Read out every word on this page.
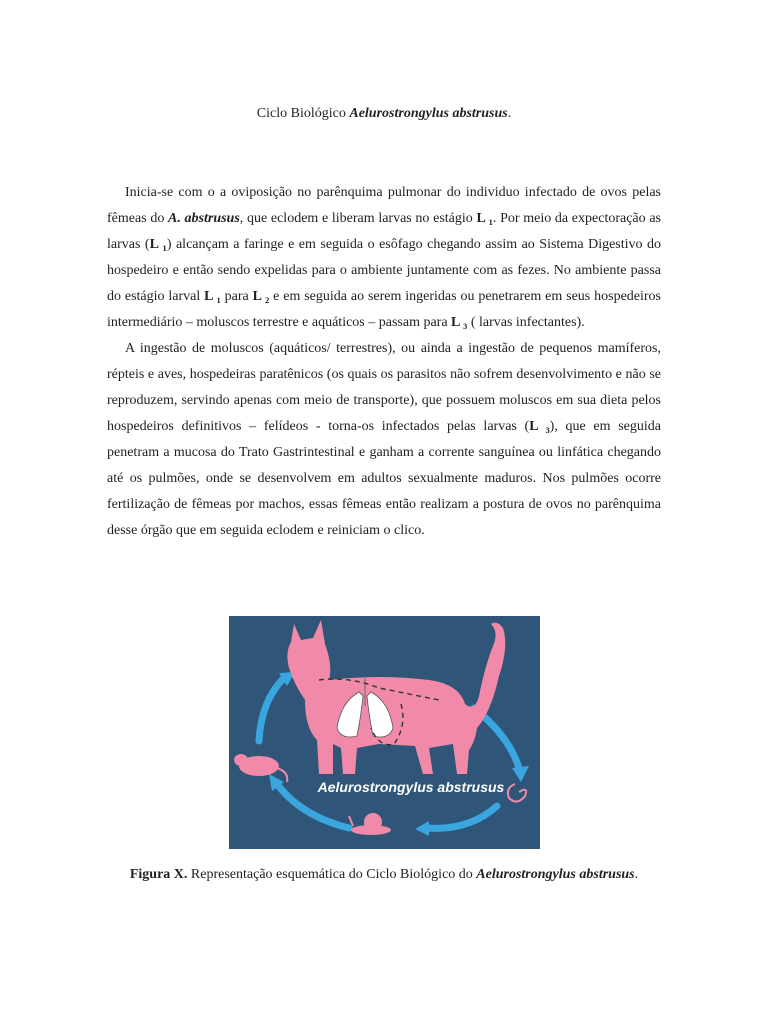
Ciclo Biológico Aelurostrongylus abstrusus.

Inicia-se com o a oviposição no parênquima pulmonar do individuo infectado de ovos pelas fêmeas do A. abstrusus, que eclodem e liberam larvas no estágio L ₁. Por meio da expectoração as larvas (L ₁) alcançam a faringe e em seguida o esôfago chegando assim ao Sistema Digestivo do hospedeiro e então sendo expelidas para o ambiente juntamente com as fezes. No ambiente passa do estágio larval L ₁ para L ₂ e em seguida ao serem ingeridas ou penetrarem em seus hospedeiros intermediário – moluscos terrestre e aquáticos – passam para L ₃ ( larvas infectantes).

A ingestão de moluscos (aquáticos/ terrestres), ou ainda a ingestão de pequenos mamíferos, répteis e aves, hospedeiras paratênicos (os quais os parasitos não sofrem desenvolvimento e não se reproduzem, servindo apenas com meio de transporte), que possuem moluscos em sua dieta pelos hospedeiros definitivos – felídeos - torna-os infectados pelas larvas (L ₃), que em seguida penetram a mucosa do Trato Gastrintestinal e ganham a corrente sanguínea ou linfática chegando até os pulmões, onde se desenvolvem em adultos sexualmente maduros. Nos pulmões ocorre fertilização de fêmeas por machos, essas fêmeas então realizam a postura de ovos no parênquima desse órgão que em seguida eclodem e reiniciam o clico.

Aelurostrongylus abstrusus
Figura X. Representação esquemática do Ciclo Biológico do Aelurostrongylus abstrusus.
